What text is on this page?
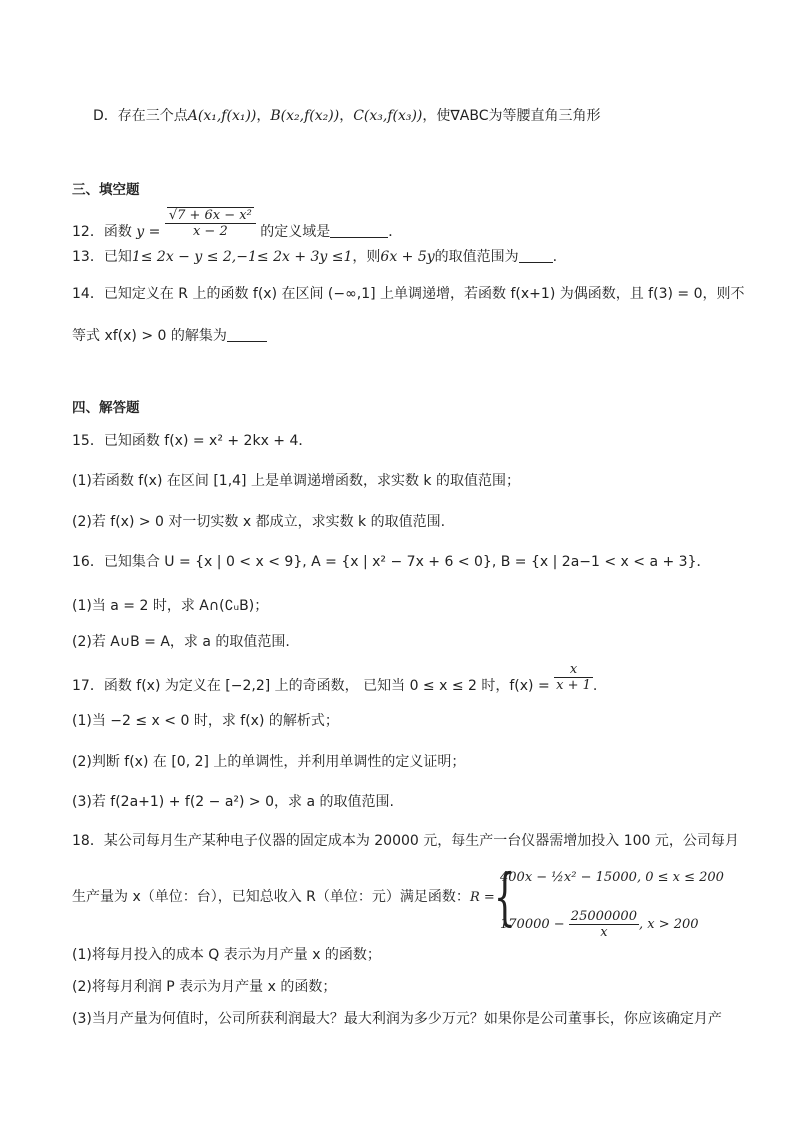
D．存在三个点A(x₁,f(x₁))，B(x₂,f(x₂))，C(x₃,f(x₃))，使∇ABC为等腰直角三角形
三、填空题
12．函数 $y = \frac{\text{√7 + 6x − x²}}{x - 2}$ 的定义域是	．
13．已知1≤ 2x − y ≤ 2,−1≤ 2x + 3y ≤1，则6x + 5y的取值范围为 .
14．已知定义在 R 上的函数 f(x) 在区间 (−∞,1] 上单调递增，若函数 f(x+1) 为偶函数，且 f(3) = 0，则不
等式 xf(x) > 0 的解集为
四、解答题
15．已知函数 f(x) = x² + 2kx + 4．
(1)若函数 f(x) 在区间 [1,4] 上是单调递增函数，求实数 k 的取值范围；
(2)若 f(x) > 0 对一切实数 x 都成立，求实数 k 的取值范围.
16．已知集合 U = {x | 0 < x < 9}, A = {x | x² − 7x + 6 < 0}, B = {x | 2a−1 < x < a + 3}．
(1)当 a = 2 时，求 A∩(∁ᵤB)；
(2)若 A∪B = A，求 a 的取值范围.
17．函数 f(x) 为定义在 [−2,2] 上的奇函数， 已知当 0 ≤ x ≤ 2 时，$f(x) = \frac{x}{x + 1}$ .
(1)当 −2 ≤ x < 0 时，求 f(x) 的解析式；
(2)判断 f(x) 在 [0, 2] 上的单调性，并利用单调性的定义证明；
(3)若 f(2a+1) + f(2 − a²) > 0，求 a 的取值范围.
18．某公司每月生产某种电子仪器的固定成本为 20000 元，每生产一台仪器需增加投入 100 元，公司每月
生产量为 x（单位：台），已知总收入 R（单位：元）满足函数： R = {
400x − ½x² − 15000, 0 ≤ x ≤ 200
$170000 - \frac{25000000}{x}$ , x > 200
(1)将每月投入的成本 Q 表示为月产量 x 的函数；
(2)将每月利润 P 表示为月产量 x 的函数；
(3)当月产量为何值时，公司所获利润最大？最大利润为多少万元？如果你是公司董事长，你应该确定月产
